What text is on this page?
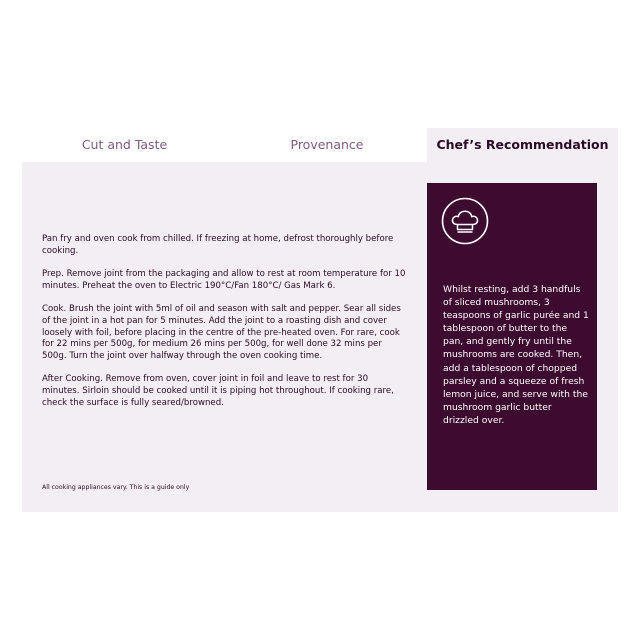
Cut and Taste	Provenance	Chef’s Recommendation

Pan fry and oven cook from chilled. If freezing at home, defrost thoroughly before cooking.

Prep. Remove joint from the packaging and allow to rest at room temperature for 10 minutes. Preheat the oven to Electric 190°C/Fan 180°C/ Gas Mark 6.

Cook. Brush the joint with 5ml of oil and season with salt and pepper. Sear all sides of the joint in a hot pan for 5 minutes. Add the joint to a roasting dish and cover loosely with foil, before placing in the centre of the pre-heated oven. For rare, cook for 22 mins per 500g, for medium 26 mins per 500g, for well done 32 mins per 500g. Turn the joint over halfway through the oven cooking time.

After Cooking. Remove from oven, cover joint in foil and leave to rest for 30 minutes. Sirloin should be cooked until it is piping hot throughout. If cooking rare, check the surface is fully seared/browned.

All cooking appliances vary. This is a guide only
Whilst resting, add 3 handfuls of sliced mushrooms, 3 teaspoons of garlic purée and 1 tablespoon of butter to the pan, and gently fry until the mushrooms are cooked. Then, add a tablespoon of chopped parsley and a squeeze of fresh lemon juice, and serve with the mushroom garlic butter drizzled over.
